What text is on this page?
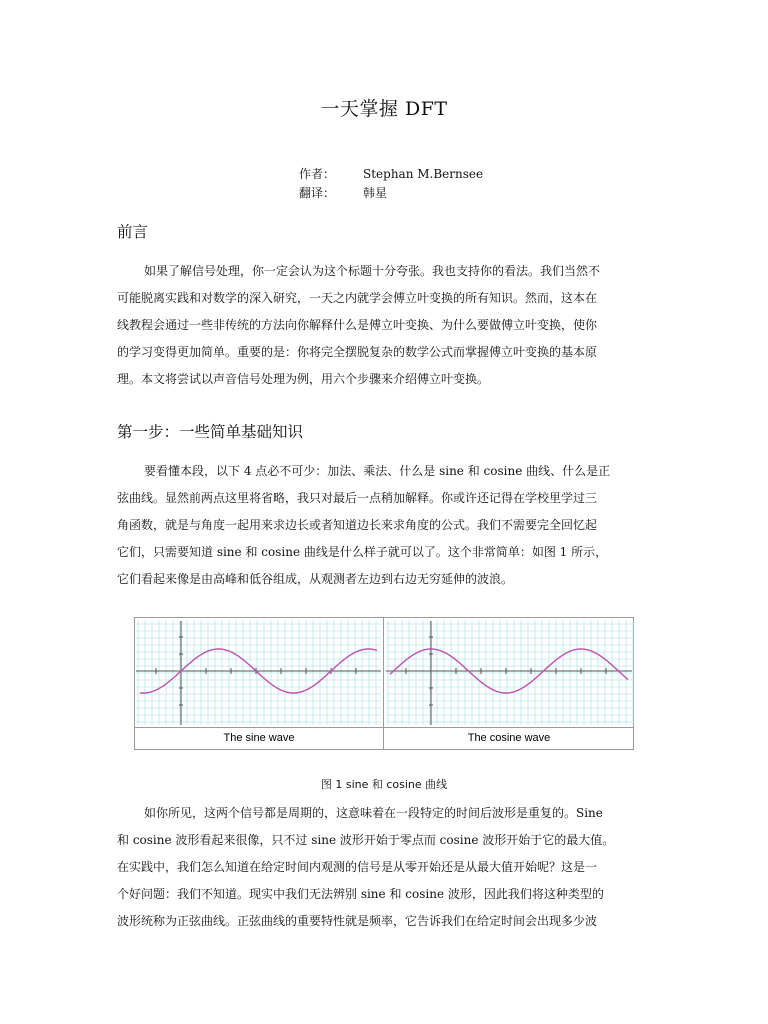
一天掌握 DFT
作者： Stephan M.Bernsee
翻译： 韩星
前言
如果了解信号处理，你一定会认为这个标题十分夸张。我也支持你的看法。我们当然不
可能脱离实践和对数学的深入研究，一天之内就学会傅立叶变换的所有知识。然而，这本在
线教程会通过一些非传统的方法向你解释什么是傅立叶变换、为什么要做傅立叶变换，使你
的学习变得更加简单。重要的是：你将完全摆脱复杂的数学公式而掌握傅立叶变换的基本原
理。本文将尝试以声音信号处理为例，用六个步骤来介绍傅立叶变换。
第一步：一些简单基础知识
要看懂本段，以下 4 点必不可少：加法、乘法、什么是 sine 和 cosine 曲线、什么是正
弦曲线。显然前两点这里将省略，我只对最后一点稍加解释。你或许还记得在学校里学过三
角函数，就是与角度一起用来求边长或者知道边长来求角度的公式。我们不需要完全回忆起
它们，只需要知道 sine 和 cosine 曲线是什么样子就可以了。这个非常简单：如图 1 所示，
它们看起来像是由高峰和低谷组成，从观测者左边到右边无穷延伸的波浪。
The sine wave	The cosine wave
图 1 sine 和 cosine 曲线
如你所见，这两个信号都是周期的，这意味着在一段特定的时间后波形是重复的。Sine
和 cosine 波形看起来很像，只不过 sine 波形开始于零点而 cosine 波形开始于它的最大值。
在实践中，我们怎么知道在给定时间内观测的信号是从零开始还是从最大值开始呢？这是一
个好问题：我们不知道。现实中我们无法辨别 sine 和 cosine 波形，因此我们将这种类型的
波形统称为正弦曲线。正弦曲线的重要特性就是频率，它告诉我们在给定时间会出现多少波
